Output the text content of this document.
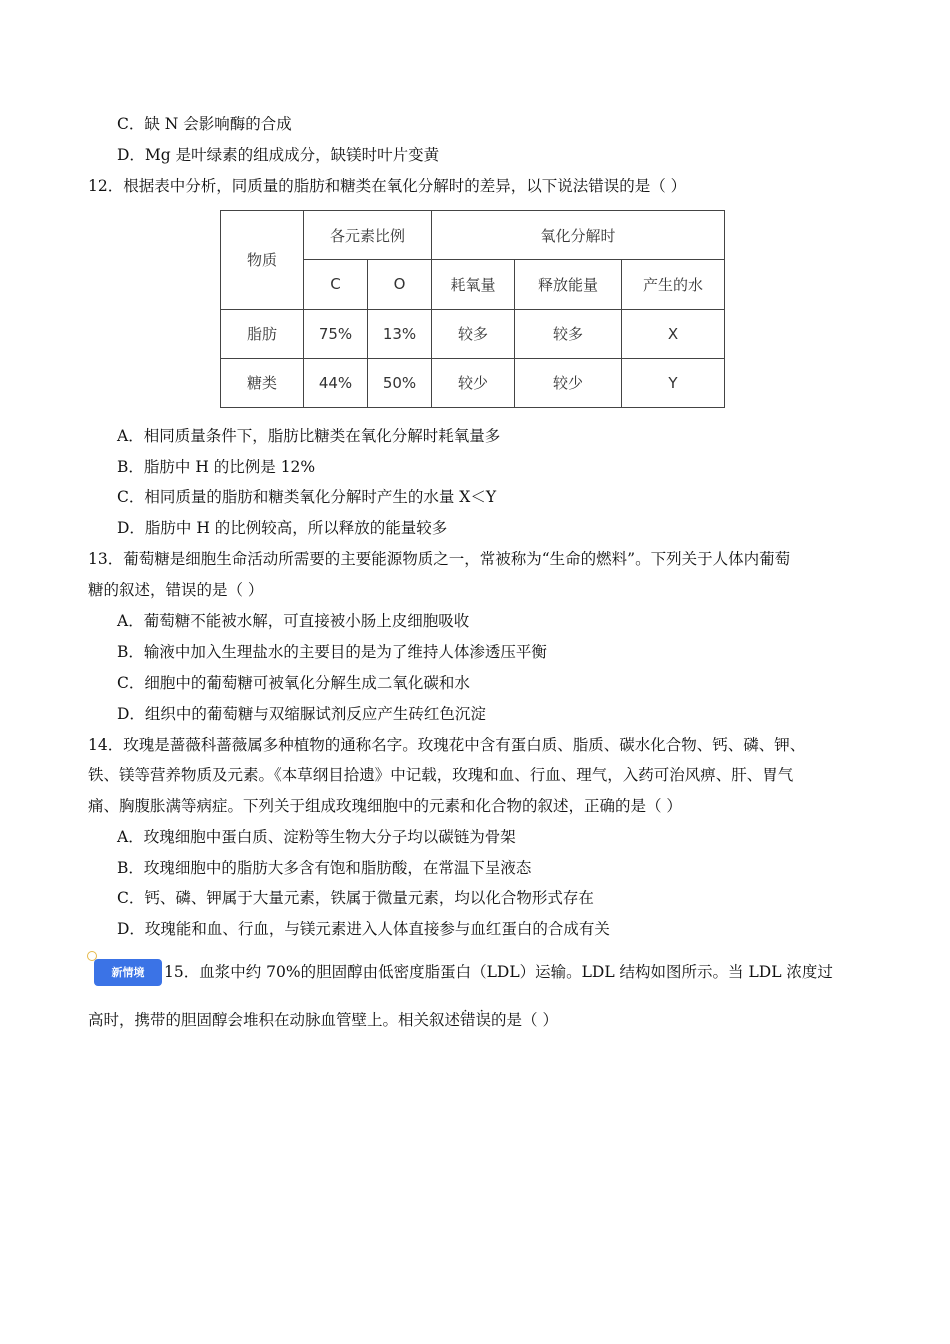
C．缺 N 会影响酶的合成
D．Mg 是叶绿素的组成成分，缺镁时叶片变黄
12．根据表中分析，同质量的脂肪和糖类在氧化分解时的差异，以下说法错误的是（ ）
物质	各元素比例		氧化分解时		
	C	O	耗氧量	释放能量	产生的水
脂肪	75%	13%	较多	较多	X
糖类	44%	50%	较少	较少	Y
A．相同质量条件下，脂肪比糖类在氧化分解时耗氧量多
B．脂肪中 H 的比例是 12%
C．相同质量的脂肪和糖类氧化分解时产生的水量 X＜Y
D．脂肪中 H 的比例较高，所以释放的能量较多
13．葡萄糖是细胞生命活动所需要的主要能源物质之一，常被称为“生命的燃料”。下列关于人体内葡萄
糖的叙述，错误的是（ ）
A．葡萄糖不能被水解，可直接被小肠上皮细胞吸收
B．输液中加入生理盐水的主要目的是为了维持人体渗透压平衡
C．细胞中的葡萄糖可被氧化分解生成二氧化碳和水
D．组织中的葡萄糖与双缩脲试剂反应产生砖红色沉淀
14．玫瑰是蔷薇科蔷薇属多种植物的通称名字。玫瑰花中含有蛋白质、脂质、碳水化合物、钙、磷、钾、
铁、镁等营养物质及元素。《本草纲目拾遗》中记载，玫瑰和血、行血、理气，入药可治风痹、肝、胃气
痛、胸腹胀满等病症。下列关于组成玫瑰细胞中的元素和化合物的叙述，正确的是（ ）
A．玫瑰细胞中蛋白质、淀粉等生物大分子均以碳链为骨架
B．玫瑰细胞中的脂肪大多含有饱和脂肪酸，在常温下呈液态
C．钙、磷、钾属于大量元素，铁属于微量元素，均以化合物形式存在
D．玫瑰能和血、行血，与镁元素进入人体直接参与血红蛋白的合成有关
新情境	15．血浆中约 70%的胆固醇由低密度脂蛋白（LDL）运输。LDL 结构如图所示。当 LDL 浓度过
高时，携带的胆固醇会堆积在动脉血管壁上。相关叙述错误 · ·的是（ ）
